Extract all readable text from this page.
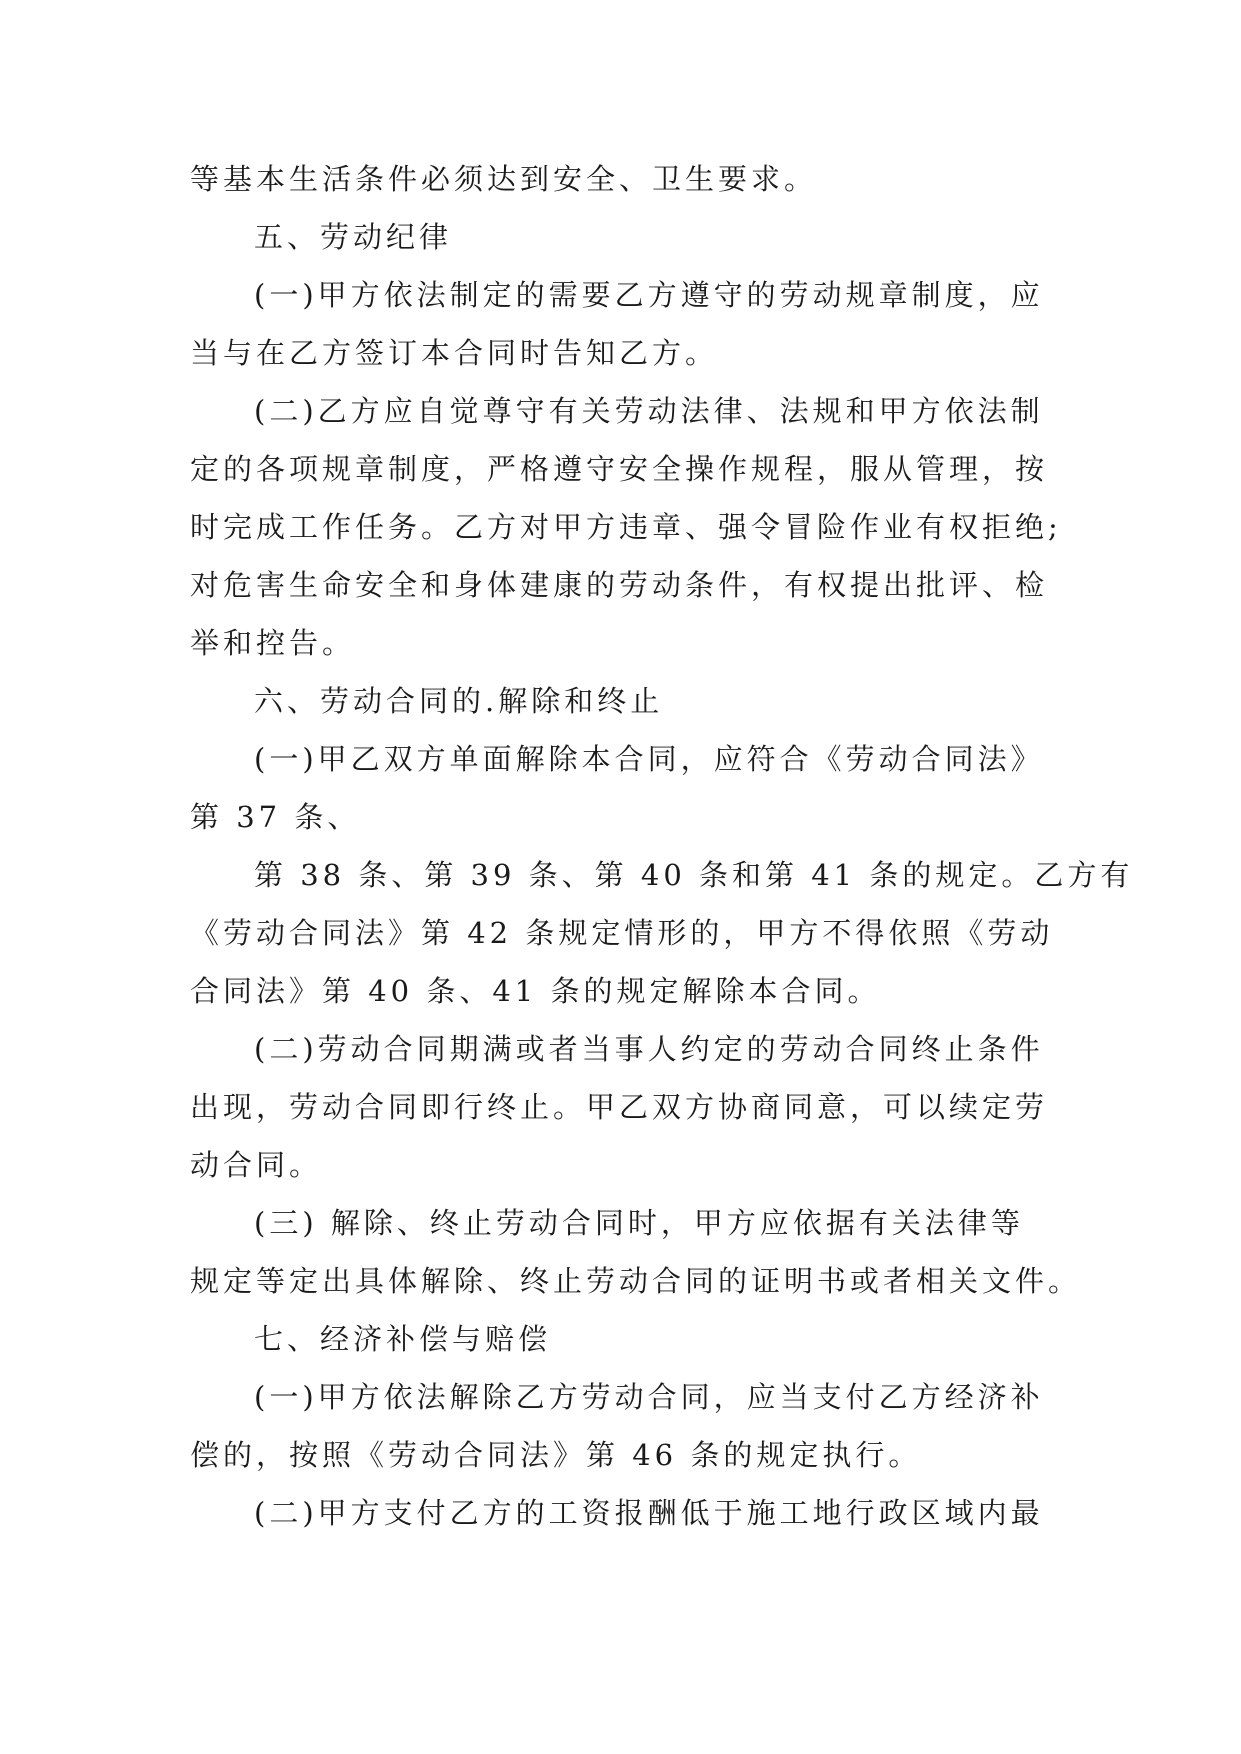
等基本生活条件必须达到安全、卫生要求。
五、劳动纪律
(一)甲方依法制定的需要乙方遵守的劳动规章制度，应
当与在乙方签订本合同时告知乙方。
(二)乙方应自觉尊守有关劳动法律、法规和甲方依法制
定的各项规章制度，严格遵守安全操作规程，服从管理，按
时完成工作任务。乙方对甲方违章、强令冒险作业有权拒绝;
对危害生命安全和身体建康的劳动条件，有权提出批评、检
举和控告。
六、劳动合同的.解除和终止
(一)甲乙双方单面解除本合同，应符合《劳动合同法》
第 37 条、
第 38 条、第 39 条、第 40 条和第 41 条的规定。乙方有
《劳动合同法》第 42 条规定情形的，甲方不得依照《劳动
合同法》第 40 条、41 条的规定解除本合同。
(二)劳动合同期满或者当事人约定的劳动合同终止条件
出现，劳动合同即行终止。甲乙双方协商同意，可以续定劳
动合同。
(三) 解除、终止劳动合同时，甲方应依据有关法律等
规定等定出具体解除、终止劳动合同的证明书或者相关文件。
七、经济补偿与赔偿
(一)甲方依法解除乙方劳动合同，应当支付乙方经济补
偿的，按照《劳动合同法》第 46 条的规定执行。
(二)甲方支付乙方的工资报酬低于施工地行政区域内最
